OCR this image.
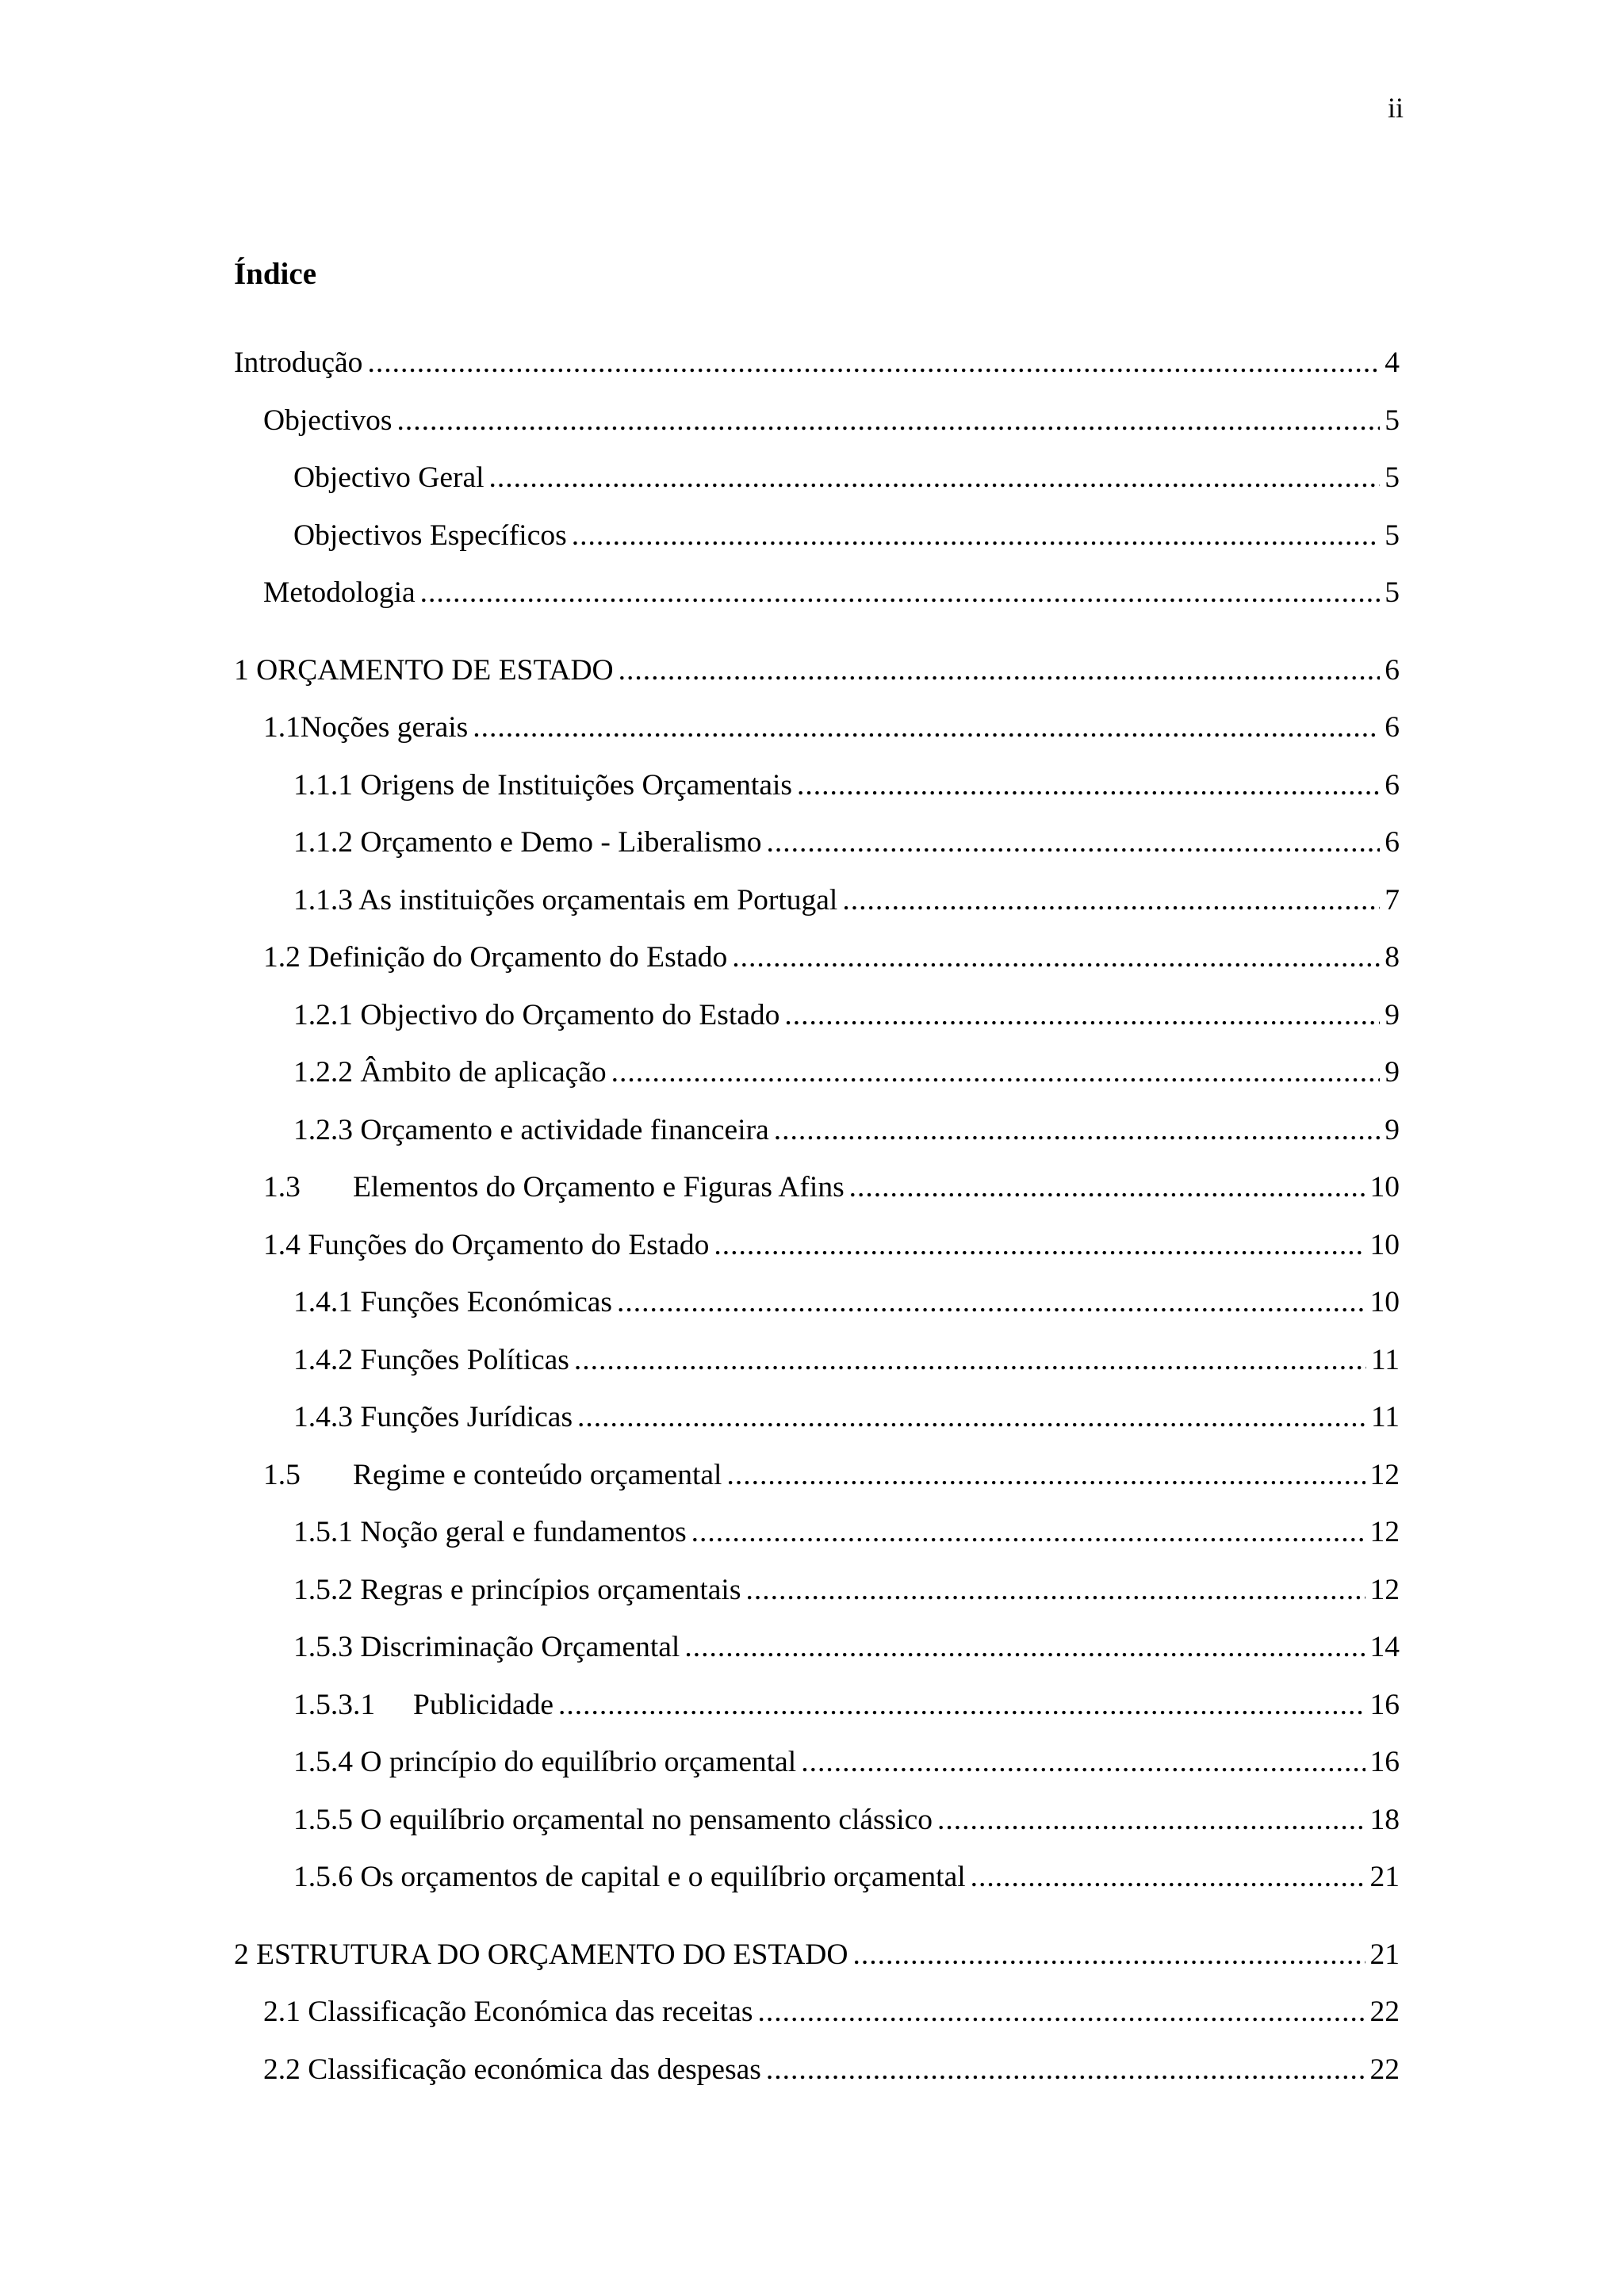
ii
Índice
Introdução .....	4
Objectivos .....	5
Objectivo Geral .....	5
Objectivos Específicos .....	5
Metodologia .....	5
1 ORÇAMENTO DE ESTADO .....	6
1.1Noções gerais .....	6
1.1.1 Origens de Instituições Orçamentais .....	6
1.1.2 Orçamento e Demo - Liberalismo .....	6
1.1.3 As instituições orçamentais em Portugal .....	7
1.2 Definição do Orçamento do Estado .....	8
1.2.1 Objectivo do Orçamento do Estado .....	9
1.2.2 Âmbito de aplicação .....	9
1.2.3 Orçamento e actividade financeira .....	9
1.3	Elementos do Orçamento e Figuras Afins .....	10
1.4 Funções do Orçamento do Estado .....	10
1.4.1 Funções Económicas .....	10
1.4.2 Funções Políticas .....	11
1.4.3 Funções Jurídicas .....	11
1.5	Regime e conteúdo orçamental .....	12
1.5.1 Noção geral e fundamentos .....	12
1.5.2 Regras e princípios orçamentais .....	12
1.5.3 Discriminação Orçamental .....	14
1.5.3.1	Publicidade .....	16
1.5.4 O princípio do equilíbrio orçamental .....	16
1.5.5 O equilíbrio orçamental no pensamento clássico .....	18
1.5.6 Os orçamentos de capital e o equilíbrio orçamental .....	21
2 ESTRUTURA DO ORÇAMENTO DO ESTADO .....	21
2.1 Classificação Económica das receitas .....	22
2.2 Classificação económica das despesas .....	22
